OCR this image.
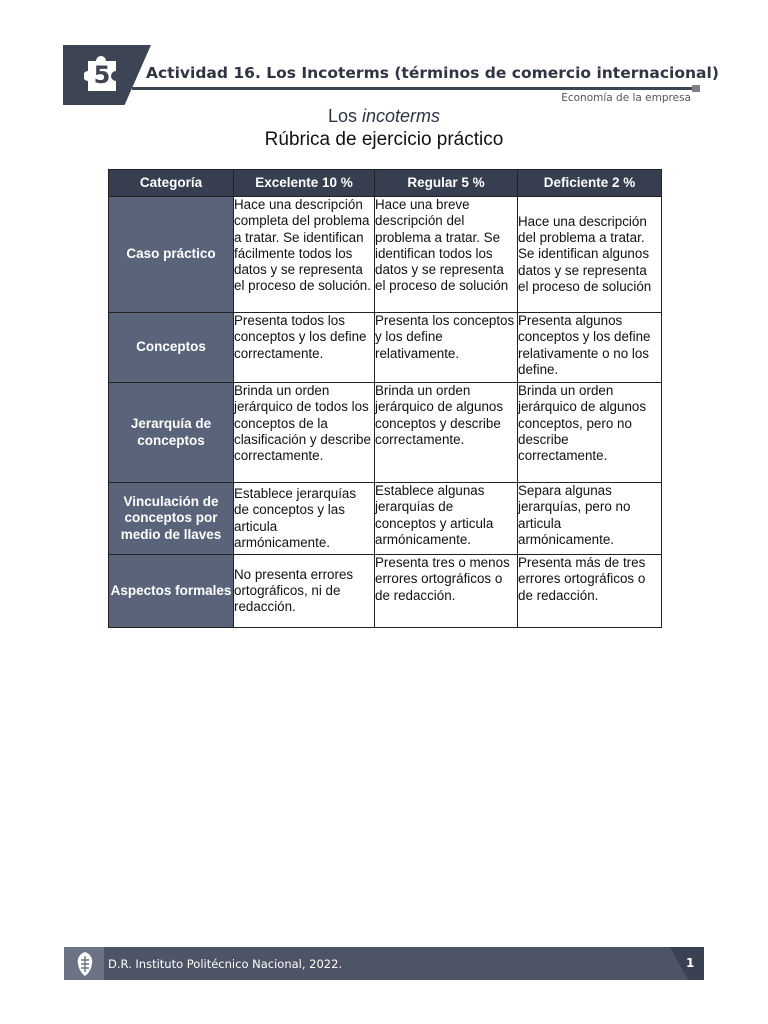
5 Actividad 16. Los Incoterms (términos de comercio internacional)
Economía de la empresa
Los incoterms
Rúbrica de ejercicio práctico
Categoría	Excelente 10 %	Regular 5 %	Deficiente 2 %
Caso práctico	Hace una descripción completa del problema a tratar. Se identifican fácilmente todos los datos y se representa el proceso de solución.	Hace una breve descripción del problema a tratar. Se identifican todos los datos y se representa el proceso de solución	Hace una descripción del problema a tratar. Se identifican algunos datos y se representa el proceso de solución
Conceptos	Presenta todos los conceptos y los define correctamente.	Presenta los conceptos y los define relativamente.	Presenta algunos conceptos y los define relativamente o no los define.
Jerarquía de conceptos	Brinda un orden jerárquico de todos los conceptos de la clasificación y describe correctamente.	Brinda un orden jerárquico de algunos conceptos y describe correctamente.	Brinda un orden jerárquico de algunos conceptos, pero no describe correctamente.
Vinculación de conceptos por medio de llaves	Establece jerarquías de conceptos y las articula armónicamente.	Establece algunas jerarquías de conceptos y articula armónicamente.	Separa algunas jerarquías, pero no articula armónicamente.
Aspectos formales	No presenta errores ortográficos, ni de redacción.	Presenta tres o menos errores ortográficos o de redacción.	Presenta más de tres errores ortográficos o de redacción.
D.R. Instituto Politécnico Nacional, 2022.	1
